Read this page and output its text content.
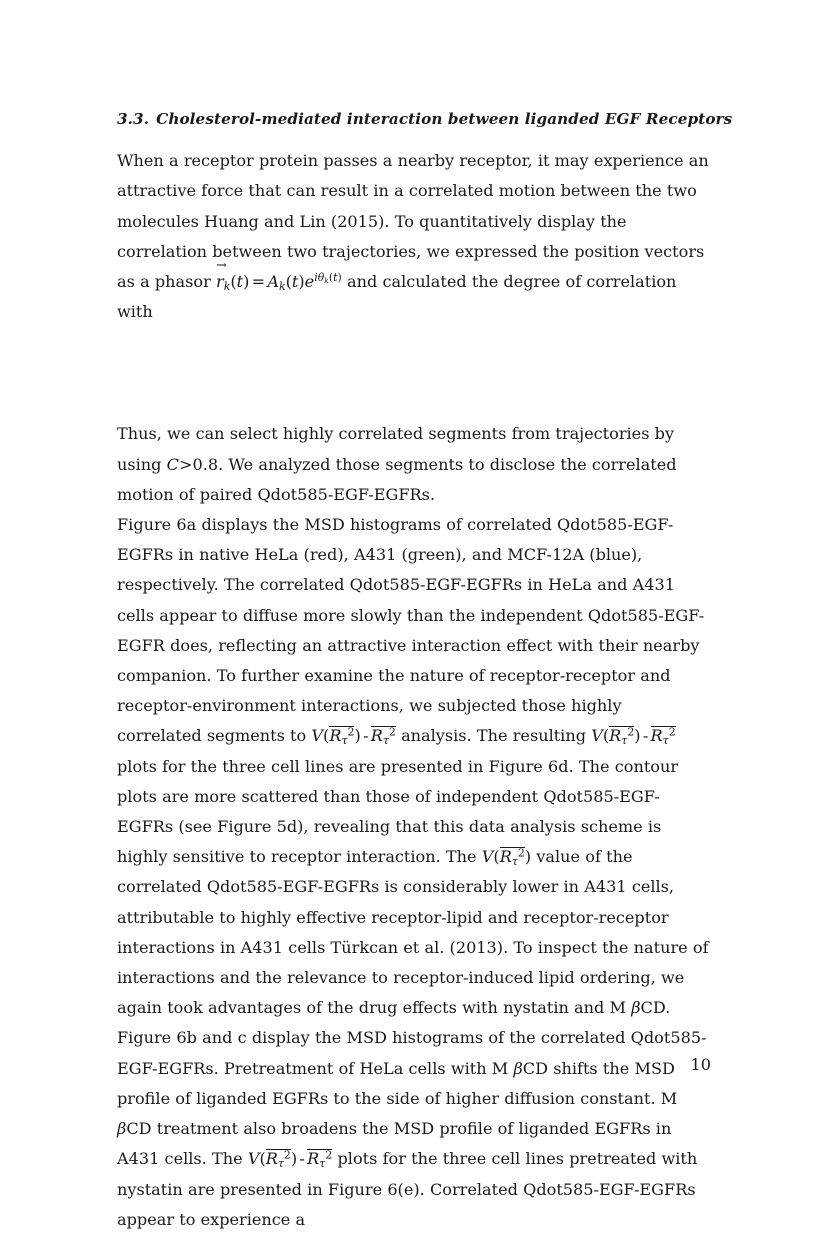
3.3. Cholesterol-mediated interaction between liganded EGF Receptors

When a receptor protein passes a nearby receptor, it may experience an attractive force that can result in a correlated motion between the two molecules Huang and Lin (2015). To quantitatively display the correlation between two trajectories, we expressed the position vectors as a phasor
→
$r_k(t) = A_k(t)e^{i\theta_k(t)}$ and calculated the degree of correlation with

Thus, we can select highly correlated segments from trajectories by using C>0.8. We analyzed those segments to disclose the correlated motion of paired Qdot585-EGF-EGFRs.

Figure 6a displays the MSD histograms of correlated Qdot585-EGF-EGFRs in native HeLa (red), A431 (green), and MCF-12A (blue), respectively. The correlated Qdot585-EGF-EGFRs in HeLa and A431 cells appear to diffuse more slowly than the independent Qdot585-EGF-EGFR does, reflecting an attractive interaction effect with their nearby companion. To further examine the nature of receptor-receptor and receptor-environment interactions, we subjected those highly correlated segments to $V(R_\tau^2) - R_\tau^2$ analysis. The resulting $V(R_\tau^2) - R_\tau^2$ plots for the three cell lines are presented in Figure 6d. The contour plots are more scattered than those of independent Qdot585-EGF-EGFRs (see Figure 5d), revealing that this data analysis scheme is highly sensitive to receptor interaction. The $V(R_\tau^2)$ value of the correlated Qdot585-EGF-EGFRs is considerably lower in A431 cells, attributable to highly effective receptor-lipid and receptor-receptor interactions in A431 cells Türkcan et al. (2013). To inspect the nature of interactions and the relevance to receptor-induced lipid ordering, we again took advantages of the drug effects with nystatin and M βCD. Figure 6b and c display the MSD histograms of the correlated Qdot585-EGF-EGFRs. Pretreatment of HeLa cells with M βCD shifts the MSD profile of liganded EGFRs to the side of higher diffusion constant. M βCD treatment also broadens the MSD profile of liganded EGFRs in A431 cells. The $V(R_\tau^2) - R_\tau^2$ plots for the three cell lines pretreated with nystatin are presented in Figure 6(e). Correlated Qdot585-EGF-EGFRs appear to experience a

10
